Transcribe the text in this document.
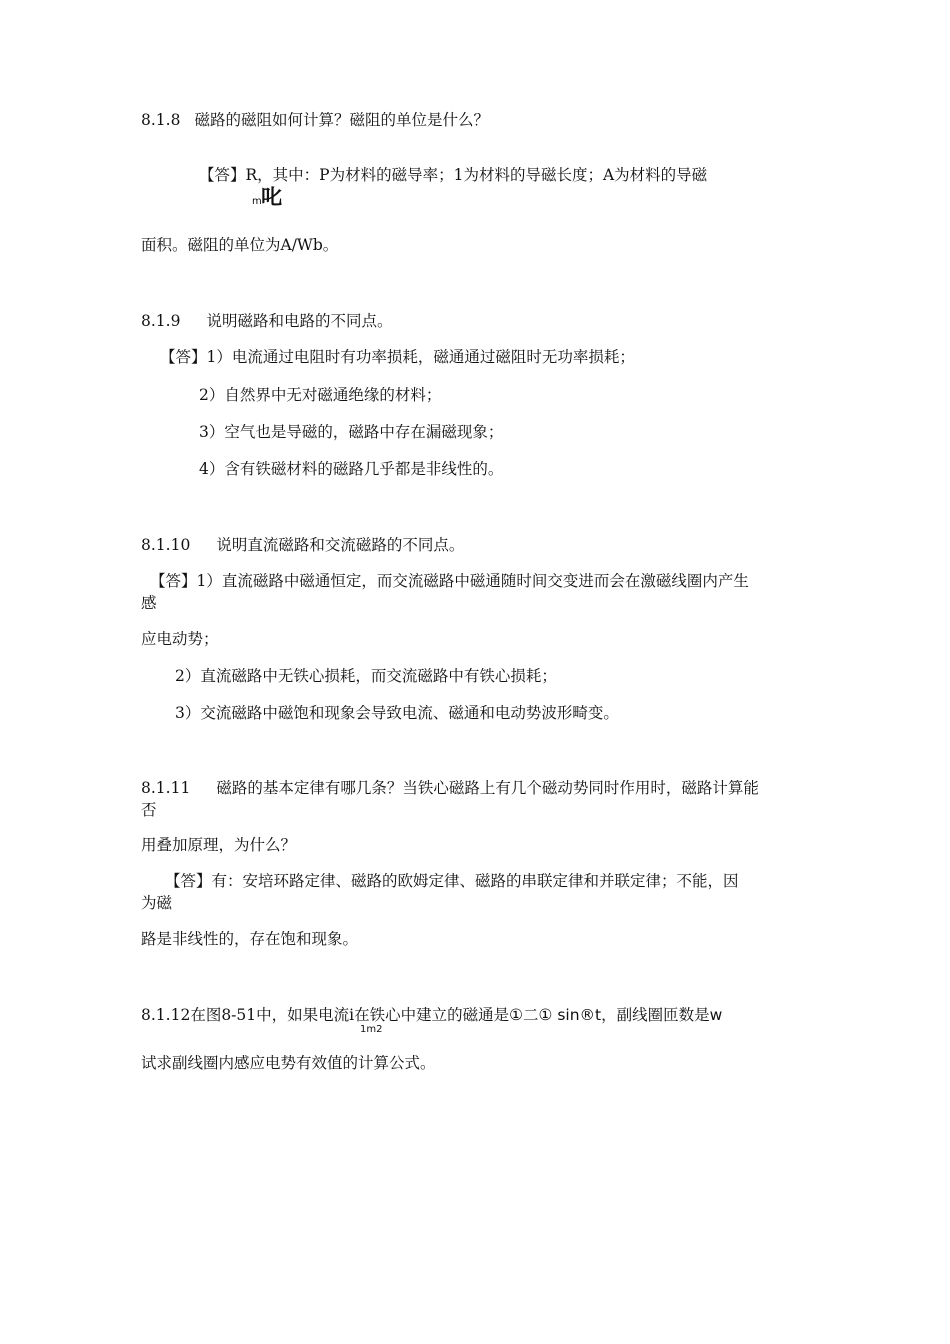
8.1.8 磁路的磁阻如何计算？磁阻的单位是什么？
【答】R，其中：P为材料的磁导率；1为材料的导磁长度；A为材料的导磁
m 叱
面积。磁阻的单位为A/Wb。
8.1.9 说明磁路和电路的不同点。
【答】1）电流通过电阻时有功率损耗，磁通通过磁阻时无功率损耗；
2）自然界中无对磁通绝缘的材料；
3）空气也是导磁的，磁路中存在漏磁现象；
4）含有铁磁材料的磁路几乎都是非线性的。
8.1.10 说明直流磁路和交流磁路的不同点。
【答】1）直流磁路中磁通恒定，而交流磁路中磁通随时间交变进而会在激磁线圈内产生
感
应电动势；
2）直流磁路中无铁心损耗，而交流磁路中有铁心损耗；
3）交流磁路中磁饱和现象会导致电流、磁通和电动势波形畸变。
8.1.11 磁路的基本定律有哪几条？当铁心磁路上有几个磁动势同时作用时，磁路计算能
否
用叠加原理，为什么？
【答】有：安培环路定律、磁路的欧姆定律、磁路的串联定律和并联定律；不能，因
为磁
路是非线性的，存在饱和现象。
8.1.12在图8-51中，如果电流i在铁心中建立的磁通是①二① sin®t，副线圈匝数是w
1m2
试求副线圈内感应电势有效值的计算公式。
